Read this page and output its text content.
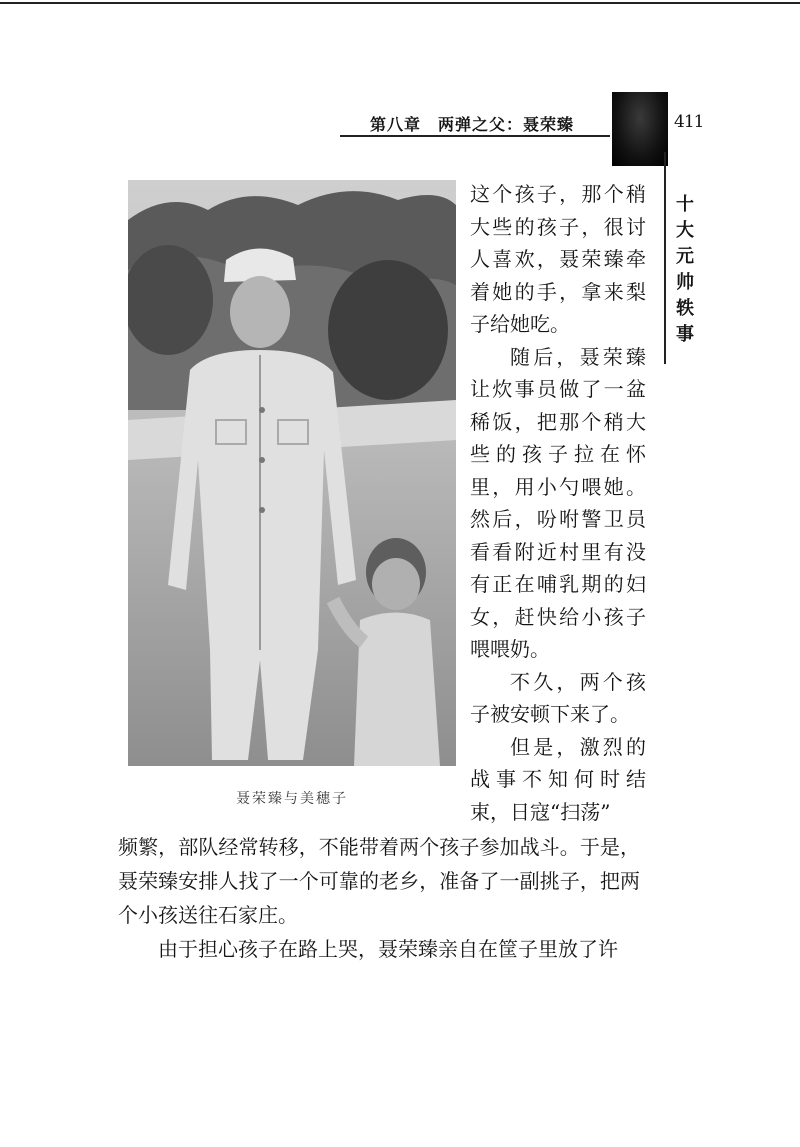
第八章　两弹之父：聂荣臻	411
十
大
元
帅
轶
事
聂荣臻与美穗子

这个孩子，那个稍大些的孩子，很讨人喜欢，聂荣臻牵着她的手，拿来梨子给她吃。

随后，聂荣臻让炊事员做了一盆稀饭，把那个稍大些的孩子拉在怀里，用小勺喂她。然后，吩咐警卫员看看附近村里有没有正在哺乳期的妇女，赶快给小孩子喂喂奶。

不久，两个孩子被安顿下来了。

但是，激烈的战事不知何时结束，日寇“扫荡”

频繁，部队经常转移，不能带着两个孩子参加战斗。于是，聂荣臻安排人找了一个可靠的老乡，准备了一副挑子，把两个小孩送往石家庄。

由于担心孩子在路上哭，聂荣臻亲自在筐子里放了许
